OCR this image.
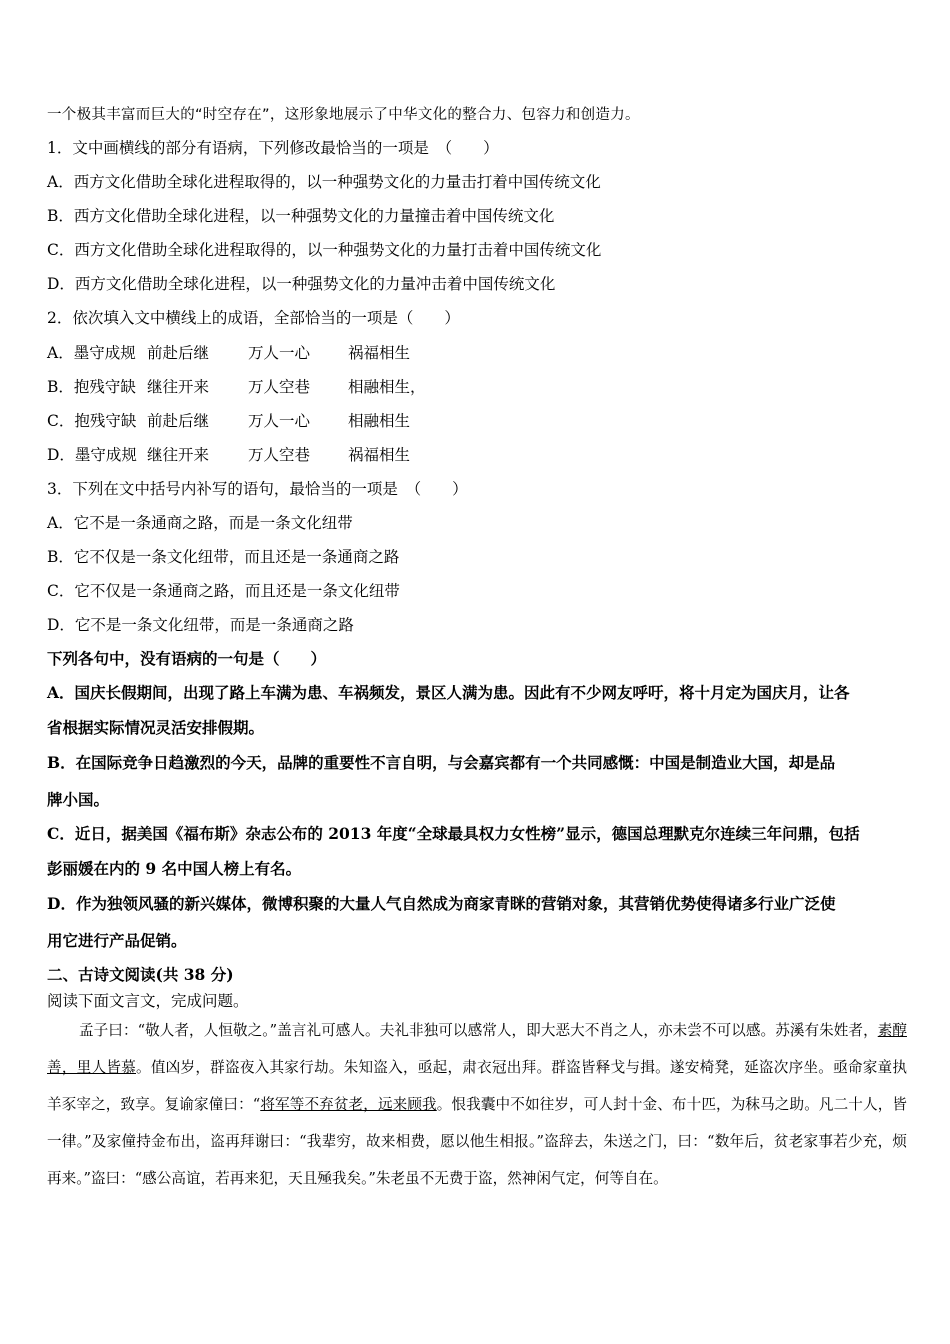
一个极其丰富而巨大的“时空存在”，这形象地展示了中华文化的整合力、包容力和创造力。
1．文中画横线的部分有语病，下列修改最恰当的一项是　（　　）
A．西方文化借助全球化进程取得的，以一种强势文化的力量击打着中国传统文化
B．西方文化借助全球化进程，以一种强势文化的力量撞击着中国传统文化
C．西方文化借助全球化进程取得的，以一种强势文化的力量打击着中国传统文化
D．西方文化借助全球化进程，以一种强势文化的力量冲击着中国传统文化
2．依次填入文中横线上的成语，全部恰当的一项是（　　）
A．墨守成规 前赴后继	万人一心 祸福相生
B．抱残守缺 继往开来	万人空巷 相融相生，
C．抱残守缺 前赴后继	万人一心 相融相生
D．墨守成规 继往开来	万人空巷 祸福相生
3．下列在文中括号内补写的语句，最恰当的一项是　（　　）
A．它不是一条通商之路，而是一条文化纽带
B．它不仅是一条文化纽带，而且还是一条通商之路
C．它不仅是一条通商之路，而且还是一条文化纽带
D．它不是一条文化纽带，而是一条通商之路
下列各句中，没有语病的一句是（　　）
A．国庆长假期间，出现了路上车满为患、车祸频发，景区人满为患。因此有不少网友呼吁，将十月定为国庆月，让各
省根据实际情况灵活安排假期。
B．在国际竞争日趋激烈的今天，品牌的重要性不言自明，与会嘉宾都有一个共同感慨：中国是制造业大国，却是品
牌小国。
C．近日，据美国《福布斯》杂志公布的 2013 年度“全球最具权力女性榜”显示，德国总理默克尔连续三年问鼎，包括
彭丽媛在内的 9 名中国人榜上有名。
D．作为独领风骚的新兴媒体，微博积聚的大量人气自然成为商家青眯的营销对象，其营销优势使得诸多行业广泛使
用它进行产品促销。
二、古诗文阅读(共 38 分)
阅读下面文言文，完成问题。
孟子曰：“敬人者，人恒敬之。”盖言礼可感人。夫礼非独可以感常人，即大恶大不肖之人，亦未尝不可以感。苏溪有朱姓者，素醇善，里人皆慕。值凶岁，群盗夜入其家行劫。朱知盗入，亟起，肃衣冠出拜。群盗皆释戈与揖。遂安椅凳，延盗次序坐。亟命家童执羊豕宰之，致享。复谕家僮曰：“将军等不弃贫老，远来顾我。恨我囊中不如往岁，可人封十金、布十匹，为秣马之助。凡二十人，皆一律。”及家僮持金布出，盗再拜谢曰：“我辈穷，故来相费，愿以他生相报。”盗辞去，朱送之门，曰：“数年后，贫老家事若少充，烦再来。”盗曰：“感公高谊，若再来犯，天且殛我矣。”朱老虽不无费于盗，然神闲气定，何等自在。
